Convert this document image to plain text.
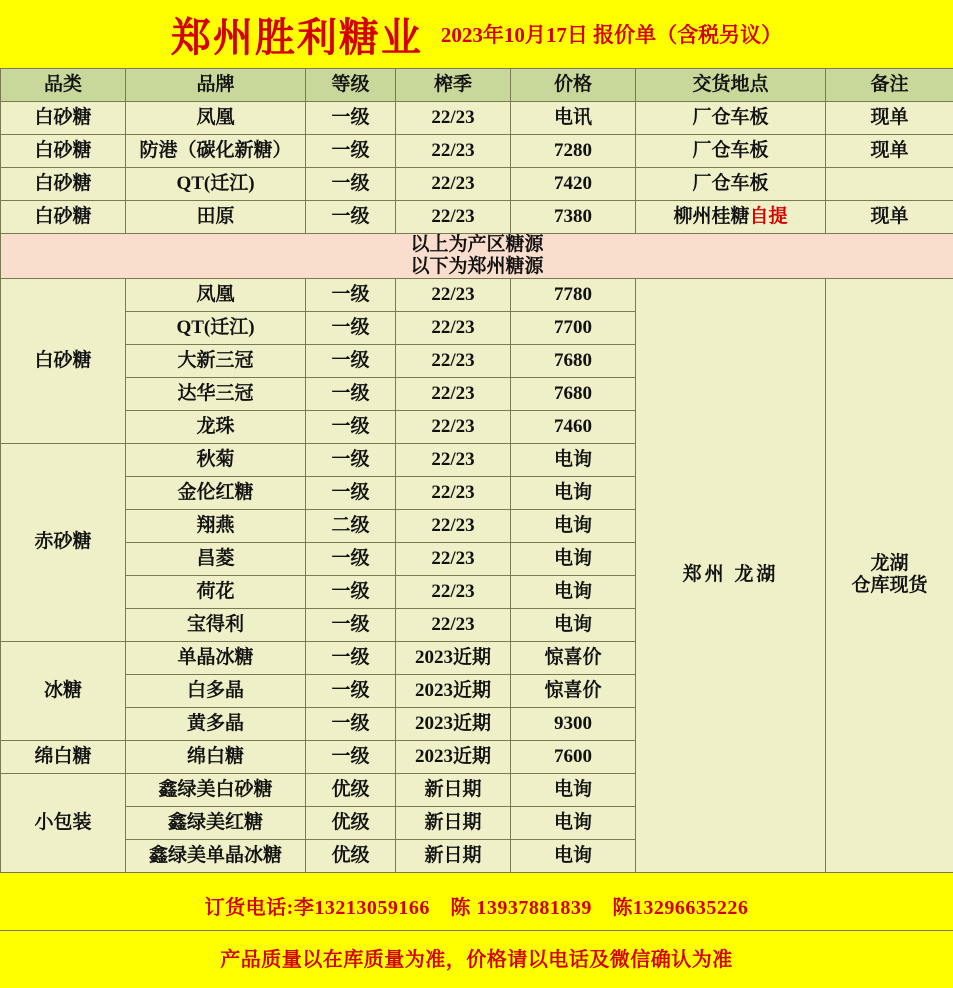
郑州胜利糖业 2023年10月17日 报价单（含税另议）
品类	品牌	等级	榨季	价格	交货地点	备注
白砂糖	凤凰	一级	22/23	电讯	厂仓车板	现单
白砂糖	防港（碳化新糖）	一级	22/23	7280	厂仓车板	现单
白砂糖	QT(迁江)	一级	22/23	7420	厂仓车板	
白砂糖	田原	一级	22/23	7380	柳州桂糖自提	现单

以上为产区糖源
以下为郑州糖源						

白砂糖	凤凰	一级	22/23	7780	郑州 龙湖	龙湖
仓库现货

	QT(迁江)	一级	22/23	7700		
	大新三冠	一级	22/23	7680		
	达华三冠	一级	22/23	7680		
	龙珠	一级	22/23	7460		
赤砂糖	秋菊	一级	22/23	电询		
	金伦红糖	一级	22/23	电询		
	翔燕	二级	22/23	电询		
	昌菱	一级	22/23	电询		
	荷花	一级	22/23	电询		
	宝得利	一级	22/23	电询		
冰糖	单晶冰糖	一级	2023近期	惊喜价		
	白多晶	一级	2023近期	惊喜价		
	黄多晶	一级	2023近期	9300		
绵白糖	绵白糖	一级	2023近期	7600		
小包装	鑫绿美白砂糖	优级	新日期	电询		
	鑫绿美红糖	优级	新日期	电询		
	鑫绿美单晶冰糖	优级	新日期	电询		
订货电话:李13213059166　陈 13937881839　陈13296635226
产品质量以在库质量为准，价格请以电话及微信确认为准
